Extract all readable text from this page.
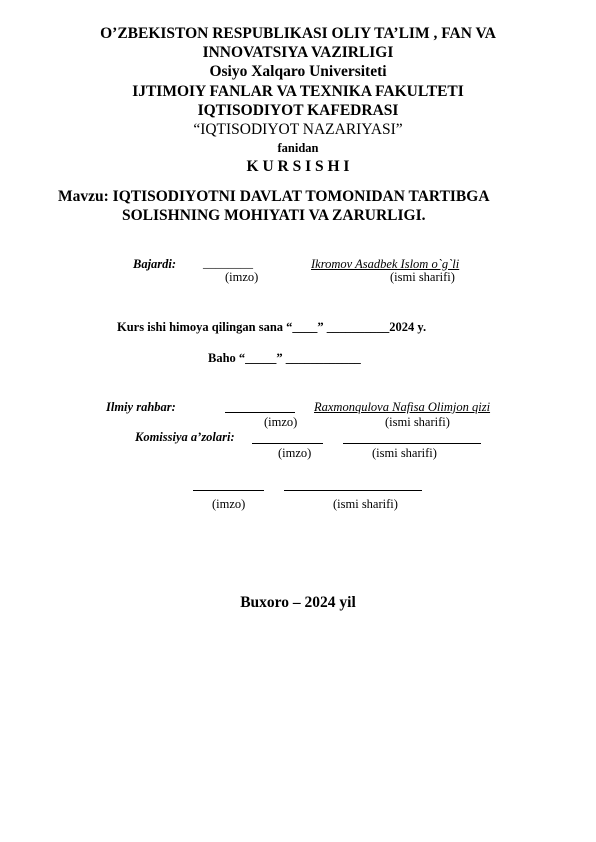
O’ZBEKISTON RESPUBLIKASI OLIY TA’LIM , FAN VA
INNOVATSIYA VAZIRLIGI
Osiyo Xalqaro Universiteti
IJTIMOIY FANLAR VA TEXNIKA FAKULTETI
IQTISODIYOT KAFEDRASI
“IQTISODIYOT NAZARIYASI”
fanidan
K U R S I S H I
Mavzu: IQTISODIYOTNI DAVLAT TOMONIDAN TARTIBGA
SOLISHNING MOHIYATI VA ZARURLIGI.
Bajardi: ________	Ikromov Asadbek Islom o`g`li
(imzo)	(ismi sharifi)
Kurs ishi himoya qilingan sana “____” __________2024 y.
Baho “_____” ____________
Ilmiy rahbar:	Raxmonqulova Nafisa Olimjon qizi
(imzo)	(ismi sharifi)
Komissiya a’zolari:
(imzo)	(ismi sharifi)
(imzo)	(ismi sharifi)
Buxoro – 2024 yil
